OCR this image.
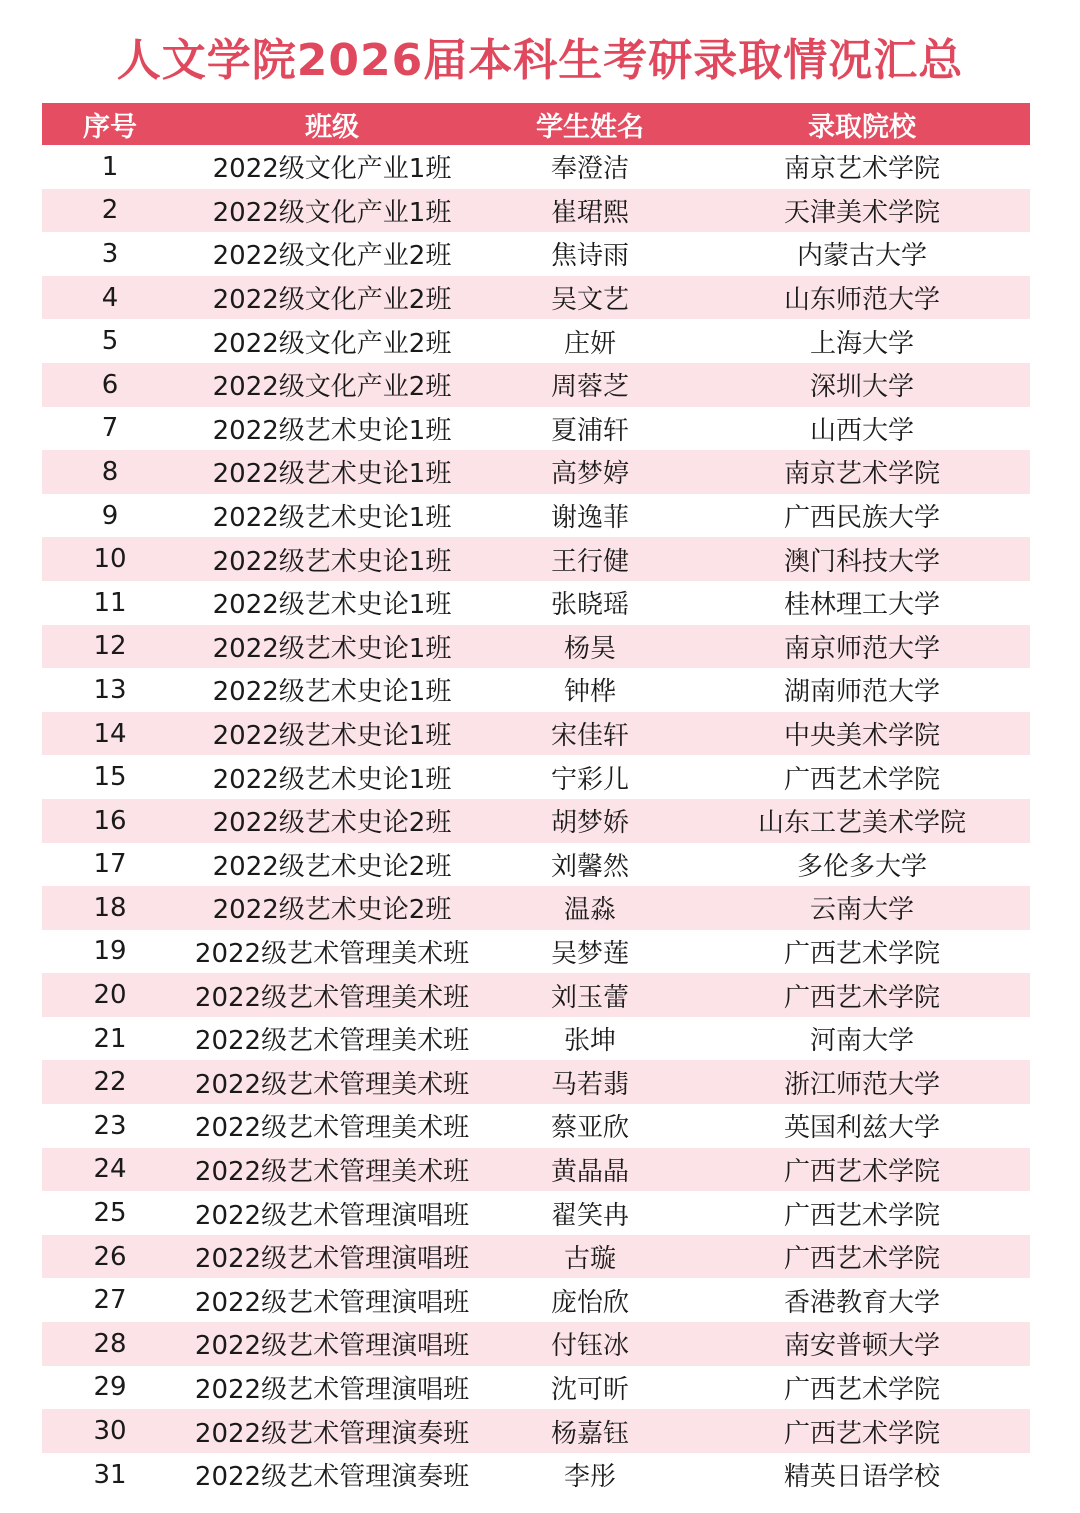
人文学院2026届本科生考研录取情况汇总
序号	班级	学生姓名	录取院校
1	2022级文化产业1班	奉澄洁	南京艺术学院
2	2022级文化产业1班	崔珺熙	天津美术学院
3	2022级文化产业2班	焦诗雨	内蒙古大学
4	2022级文化产业2班	吴文艺	山东师范大学
5	2022级文化产业2班	庄妍	上海大学
6	2022级文化产业2班	周蓉芝	深圳大学
7	2022级艺术史论1班	夏浦轩	山西大学
8	2022级艺术史论1班	高梦婷	南京艺术学院
9	2022级艺术史论1班	谢逸菲	广西民族大学
10	2022级艺术史论1班	王行健	澳门科技大学
11	2022级艺术史论1班	张晓瑶	桂林理工大学
12	2022级艺术史论1班	杨昊	南京师范大学
13	2022级艺术史论1班	钟桦	湖南师范大学
14	2022级艺术史论1班	宋佳轩	中央美术学院
15	2022级艺术史论1班	宁彩儿	广西艺术学院
16	2022级艺术史论2班	胡梦娇	山东工艺美术学院
17	2022级艺术史论2班	刘馨然	多伦多大学
18	2022级艺术史论2班	温淼	云南大学
19	2022级艺术管理美术班	吴梦莲	广西艺术学院
20	2022级艺术管理美术班	刘玉蕾	广西艺术学院
21	2022级艺术管理美术班	张坤	河南大学
22	2022级艺术管理美术班	马若翡	浙江师范大学
23	2022级艺术管理美术班	蔡亚欣	英国利兹大学
24	2022级艺术管理美术班	黄晶晶	广西艺术学院
25	2022级艺术管理演唱班	翟笑冉	广西艺术学院
26	2022级艺术管理演唱班	古璇	广西艺术学院
27	2022级艺术管理演唱班	庞怡欣	香港教育大学
28	2022级艺术管理演唱班	付钰冰	南安普顿大学
29	2022级艺术管理演唱班	沈可昕	广西艺术学院
30	2022级艺术管理演奏班	杨嘉钰	广西艺术学院
31	2022级艺术管理演奏班	李彤	精英日语学校
